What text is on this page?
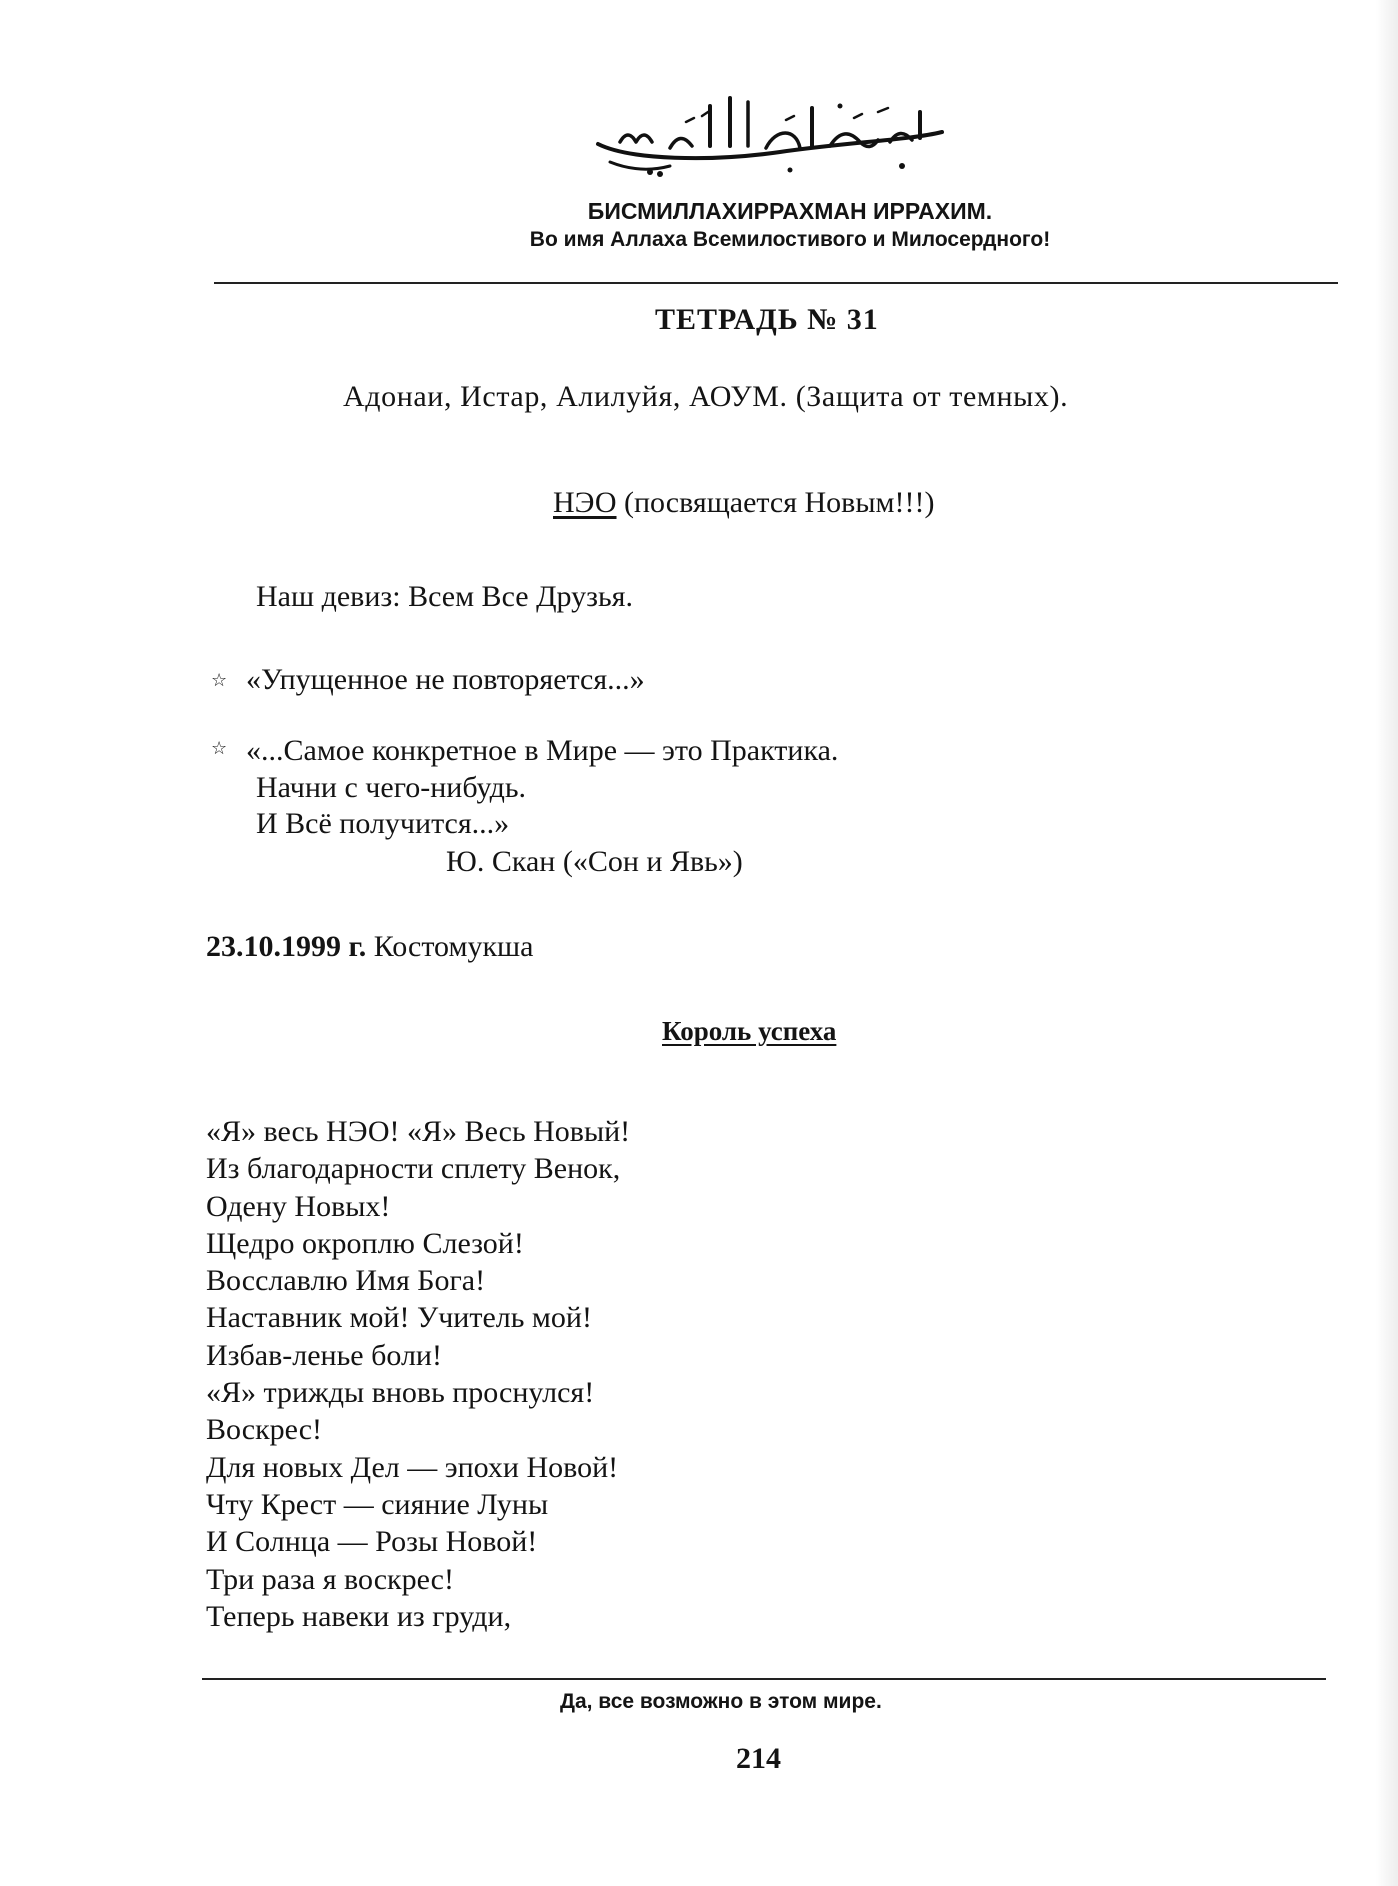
БИСМИЛЛАХИРРАХМАН ИРРАХИМ.
Во имя Аллаха Всемилостивого и Милосердного!
ТЕТРАДЬ № 31
Адонаи, Истар, Алилуйя, АОУМ. (Защита от темных).
НЭО (посвящается Новым!!!)
Наш девиз: Всем Все Друзья.
☆ «Упущенное не повторяется...»
☆ «...Самое конкретное в Мире — это Практика.
Начни с чего-нибудь.
И Всё получится...»
Ю. Скан («Сон и Явь»)
23.10.1999 г. Костомукша
Король успеха
«Я» весь НЭО! «Я» Весь Новый!
Из благодарности сплету Венок,
Одену Новых!
Щедро окроплю Слезой!
Восславлю Имя Бога!
Наставник мой! Учитель мой!
Избав-ленье боли!
«Я» трижды вновь проснулся!
Воскрес!
Для новых Дел — эпохи Новой!
Чту Крест — сияние Луны
И Солнца — Розы Новой!
Три раза я воскрес!
Теперь навеки из груди,
Да, все возможно в этом мире.
214
